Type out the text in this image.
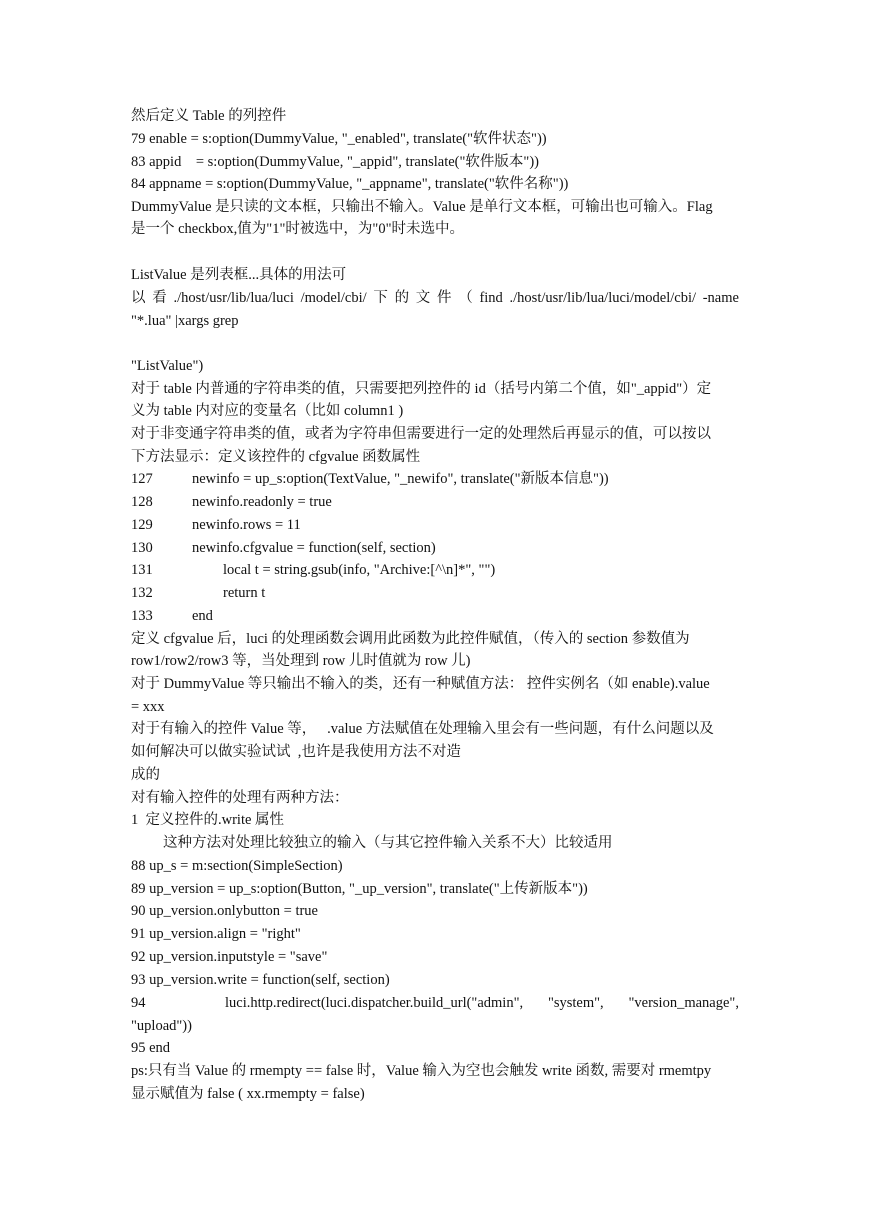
然后定义 Table 的列控件
79 enable = s:option(DummyValue, "_enabled", translate("软件状态"))
83 appid    = s:option(DummyValue, "_appid", translate("软件版本"))
84 appname = s:option(DummyValue, "_appname", translate("软件名称"))
DummyValue 是只读的文本框，只输出不输入。Value 是单行文本框，可输出也可输入。Flag
是一个 checkbox,值为"1"时被选中，为"0"时未选中。
ListValue 是列表框...具体的用法可
以 看 ./host/usr/lib/lua/luci /model/cbi/ 下 的 文 件 （ find ./host/usr/lib/lua/luci/model/cbi/ -name
"*.lua" |xargs grep
"ListValue")
对于 table 内普通的字符串类的值，只需要把列控件的 id（括号内第二个值，如"_appid"）定
义为 table 内对应的变量名（比如 column1 )
对于非变通字符串类的值，或者为字符串但需要进行一定的处理然后再显示的值，可以按以
下方法显示：定义该控件的 cfgvalue 函数属性
127	newinfo = up_s:option(TextValue, "_newifo", translate("新版本信息"))
128	newinfo.readonly = true
129	newinfo.rows = 11
130	newinfo.cfgvalue = function(self, section)
131	local t = string.gsub(info, "Archive:[^\n]*", "")
132	return t
133	end
定义 cfgvalue 后，luci 的处理函数会调用此函数为此控件赋值，（传入的 section 参数值为
row1/row2/row3 等，当处理到 row 儿时值就为 row 儿)
对于 DummyValue 等只输出不输入的类，还有一种赋值方法： 控件实例名（如 enable).value
= xxx
对于有输入的控件 Value 等，   .value 方法赋值在处理输入里会有一些问题，有什么问题以及
如何解决可以做实验试试  ,也许是我使用方法不对造
成的
对有输入控件的处理有两种方法：
1  定义控件的.write 属性
这种方法对处理比较独立的输入（与其它控件输入关系不大）比较适用
88 up_s = m:section(SimpleSection)
89 up_version = up_s:option(Button, "_up_version", translate("上传新版本"))
90 up_version.onlybutton = true
91 up_version.align = "right"
92 up_version.inputstyle = "save"
93 up_version.write = function(self, section)
94	luci.http.redirect(luci.dispatcher.build_url("admin", "system", "version_manage",
"upload"))
95 end
ps:只有当 Value 的 rmempty == false 时，Value 输入为空也会触发 write 函数, 需要对 rmemtpy
显示赋值为 false ( xx.rmempty = false)
